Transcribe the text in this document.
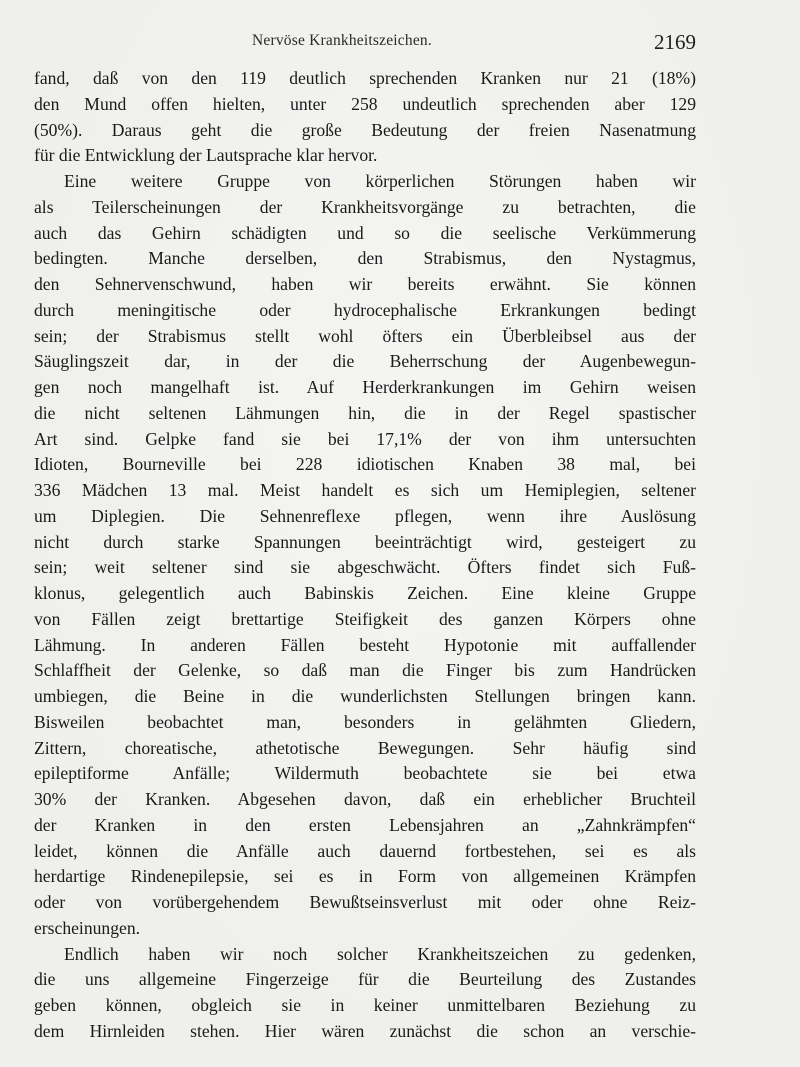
Nervöse Krankheitszeichen.	2169
fand, daß von den 119 deutlich sprechenden Kranken nur 21 (18%)
den Mund offen hielten, unter 258 undeutlich sprechenden aber 129
(50%). Daraus geht die große Bedeutung der freien Nasenatmung
für die Entwicklung der Lautsprache klar hervor.
Eine weitere Gruppe von körperlichen Störungen haben wir
als Teilerscheinungen der Krankheitsvorgänge zu betrachten, die
auch das Gehirn schädigten und so die seelische Verkümmerung
bedingten. Manche derselben, den Strabismus, den Nystagmus,
den Sehnervenschwund, haben wir bereits erwähnt. Sie können
durch meningitische oder hydrocephalische Erkrankungen bedingt
sein; der Strabismus stellt wohl öfters ein Überbleibsel aus der
Säuglingszeit dar, in der die Beherrschung der Augenbewegun-
gen noch mangelhaft ist. Auf Herderkrankungen im Gehirn weisen
die nicht seltenen Lähmungen hin, die in der Regel spastischer
Art sind. Gelpke fand sie bei 17,1% der von ihm untersuchten
Idioten, Bourneville bei 228 idiotischen Knaben 38 mal, bei
336 Mädchen 13 mal. Meist handelt es sich um Hemiplegien, seltener
um Diplegien. Die Sehnenreflexe pflegen, wenn ihre Auslösung
nicht durch starke Spannungen beeinträchtigt wird, gesteigert zu
sein; weit seltener sind sie abgeschwächt. Öfters findet sich Fuß-
klonus, gelegentlich auch Babinskis Zeichen. Eine kleine Gruppe
von Fällen zeigt brettartige Steifigkeit des ganzen Körpers ohne
Lähmung. In anderen Fällen besteht Hypotonie mit auffallender
Schlaffheit der Gelenke, so daß man die Finger bis zum Handrücken
umbiegen, die Beine in die wunderlichsten Stellungen bringen kann.
Bisweilen beobachtet man, besonders in gelähmten Gliedern,
Zittern, choreatische, athetotische Bewegungen. Sehr häufig sind
epileptiforme Anfälle; Wildermuth beobachtete sie bei etwa
30% der Kranken. Abgesehen davon, daß ein erheblicher Bruchteil
der Kranken in den ersten Lebensjahren an „Zahnkrämpfen“
leidet, können die Anfälle auch dauernd fortbestehen, sei es als
herdartige Rindenepilepsie, sei es in Form von allgemeinen Krämpfen
oder von vorübergehendem Bewußtseinsverlust mit oder ohne Reiz-
erscheinungen.
Endlich haben wir noch solcher Krankheitszeichen zu gedenken,
die uns allgemeine Fingerzeige für die Beurteilung des Zustandes
geben können, obgleich sie in keiner unmittelbaren Beziehung zu
dem Hirnleiden stehen. Hier wären zunächst die schon an verschie-
